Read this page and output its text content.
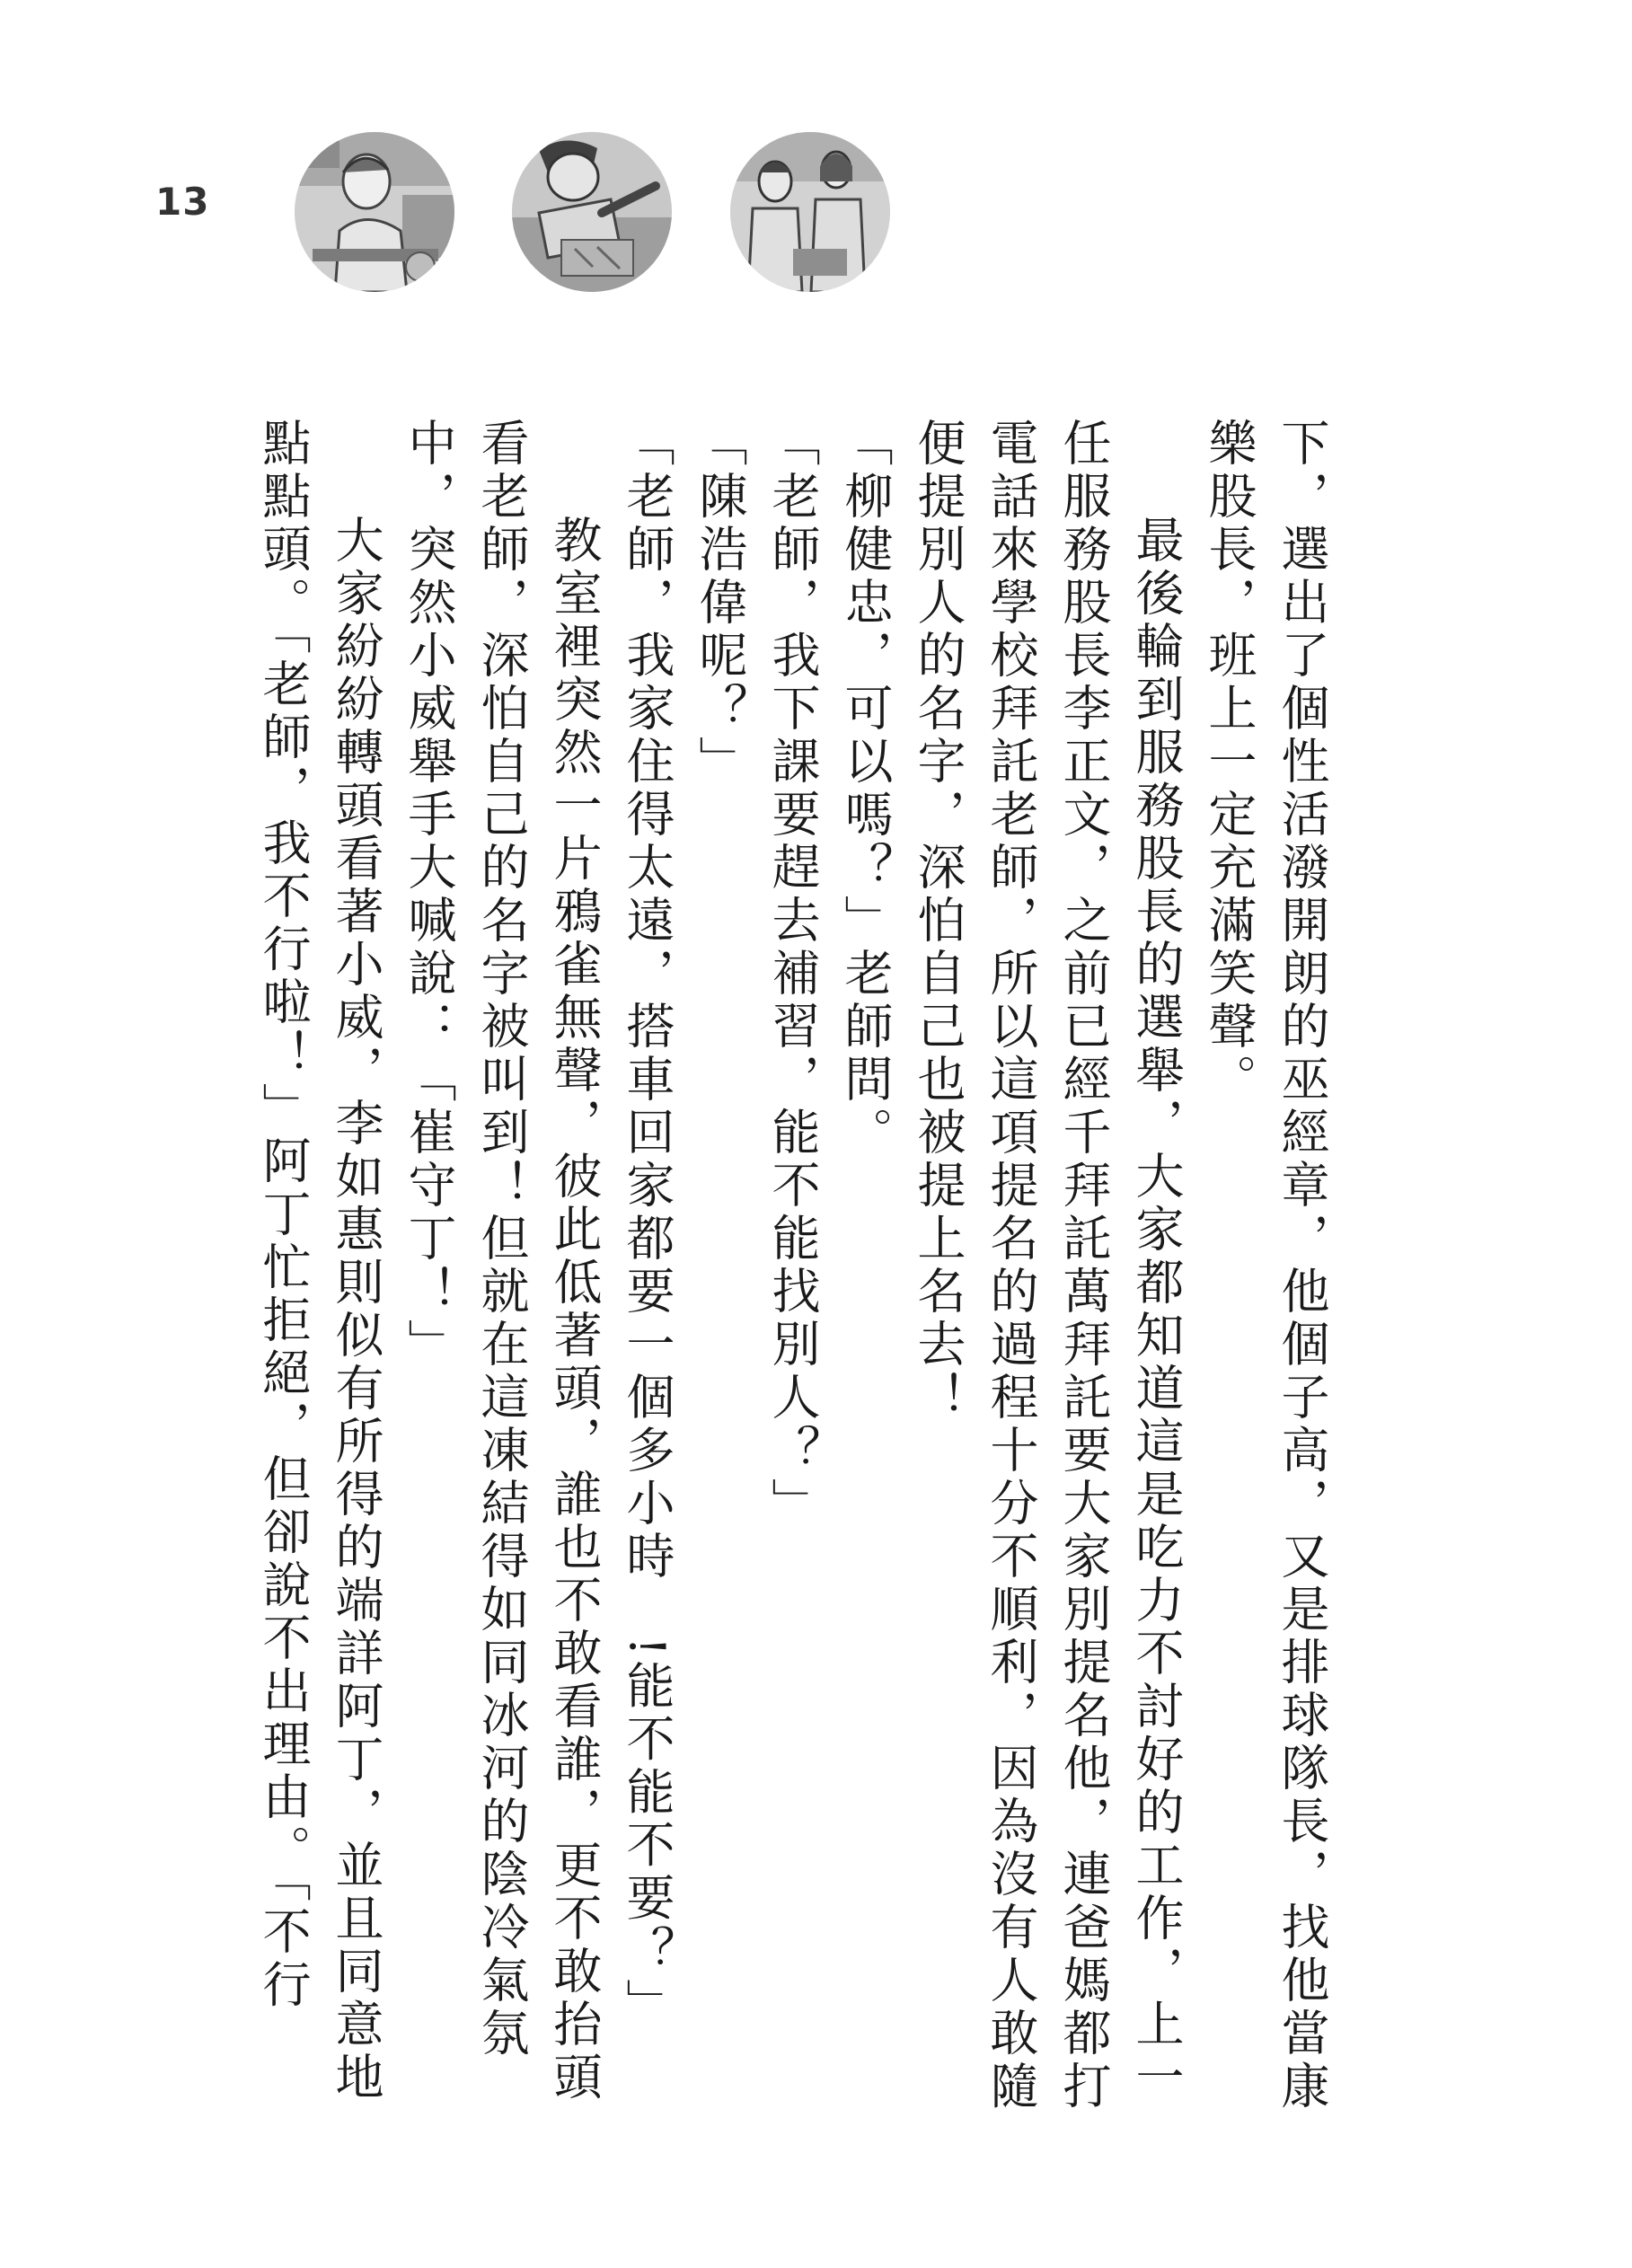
13
下，選出了個性活潑開朗的巫經章，他個子高，又是排球隊長，找他當康
樂股長，班上一定充滿笑聲。
最後輪到服務股長的選舉，大家都知道這是吃力不討好的工作，上一
任服務股長李正文，之前已經千拜託萬拜託要大家別提名他，連爸媽都打
電話來學校拜託老師，所以這項提名的過程十分不順利，因為沒有人敢隨
便提別人的名字，深怕自己也被提上名去！
「柳健忠，可以嗎？」老師問。
「老師，我下課要趕去補習，能不能找別人？」
「陳浩偉呢？」
「老師，我家住得太遠，搭車回家都要一個多小時　!能不能不要？」
教室裡突然一片鴉雀無聲，彼此低著頭，誰也不敢看誰，更不敢抬頭
看老師，深怕自己的名字被叫到！但就在這凍結得如同冰河的陰冷氣氛
中，突然小威舉手大喊說：「崔守丁！」
大家紛紛轉頭看著小威，李如惠則似有所得的端詳阿丁，並且同意地
點點頭。「老師，我不行啦！」阿丁忙拒絕，但卻說不出理由。「不行
